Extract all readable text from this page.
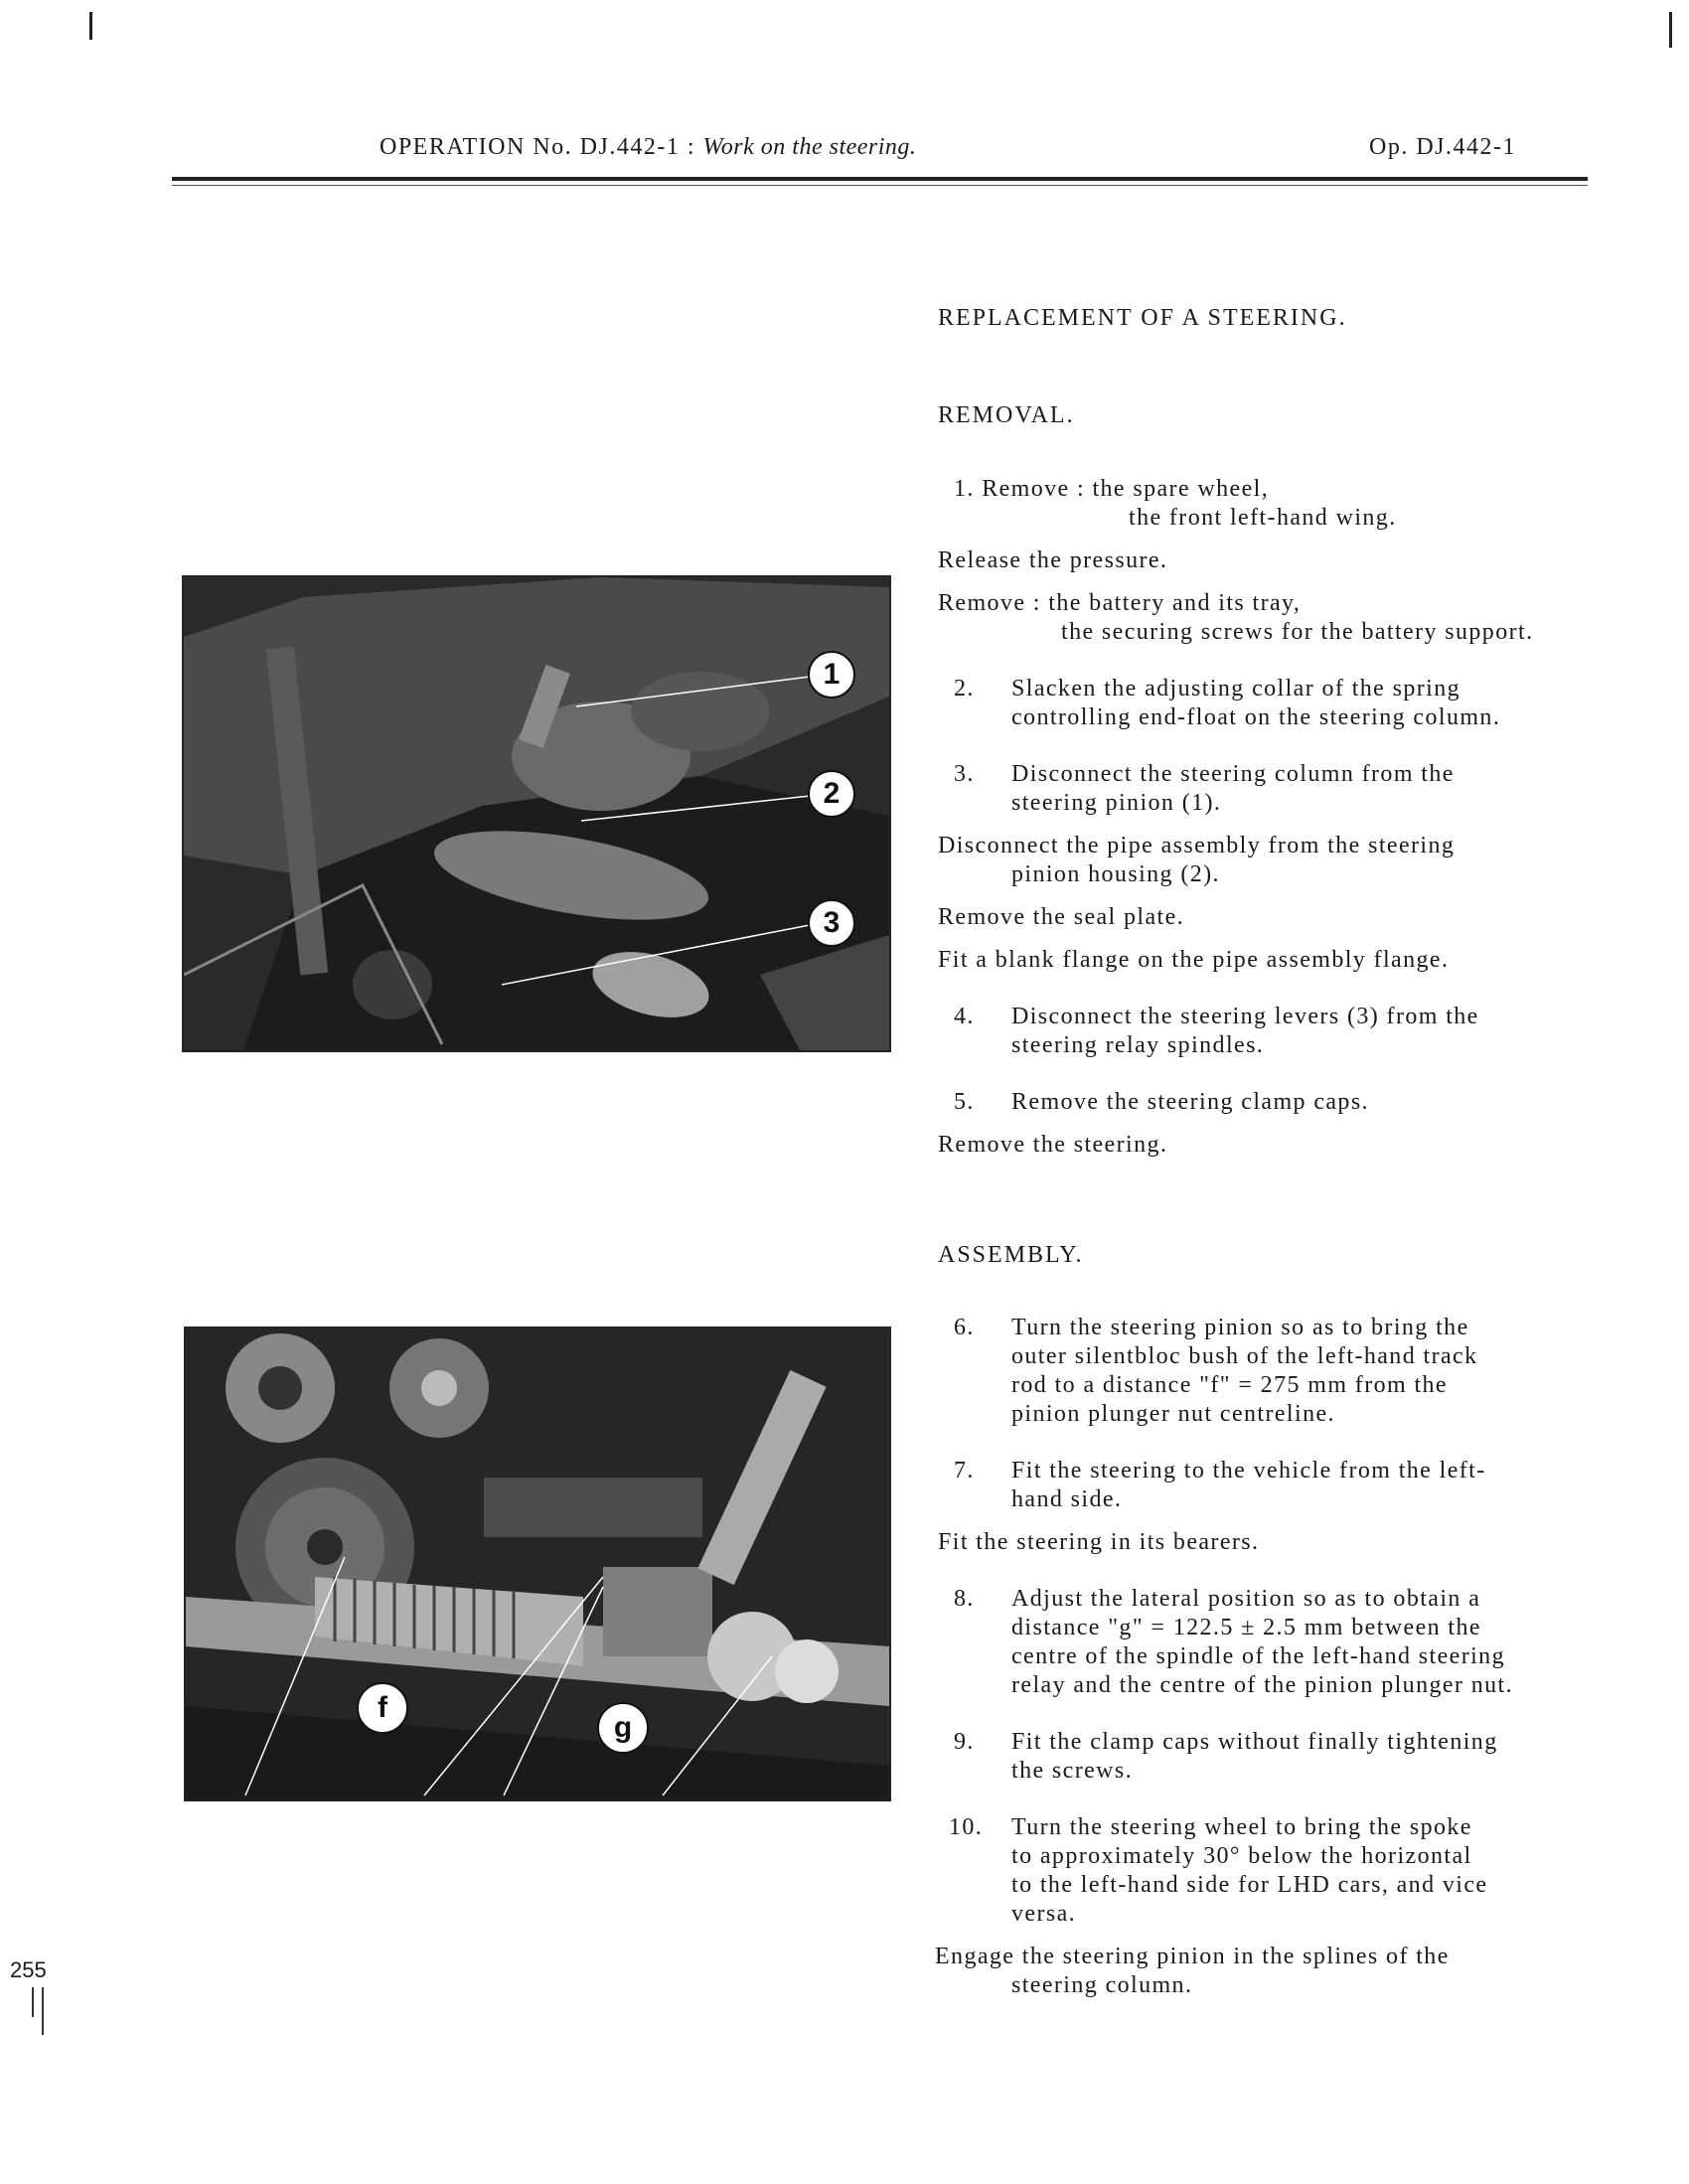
OPERATION No. DJ.442-1 : Work on the steering.	Op. DJ.442-1
REPLACEMENT OF A STEERING.
REMOVAL.
1. Remove : the spare wheel,
the front left-hand wing.
Release the pressure.
Remove : the battery and its tray,
the securing screws for the battery support.
2. Slacken the adjusting collar of the spring
controlling end-float on the steering column.
3. Disconnect the steering column from the
steering pinion (1).
Disconnect the pipe assembly from the steering
pinion housing (2).
Remove the seal plate.
Fit a blank flange on the pipe assembly flange.
4. Disconnect the steering levers (3) from the
steering relay spindles.
5. Remove the steering clamp caps.
Remove the steering.
ASSEMBLY.
6. Turn the steering pinion so as to bring the
outer silentbloc bush of the left-hand track
rod to a distance "f" = 275 mm from the
pinion plunger nut centreline.
7. Fit the steering to the vehicle from the left-
hand side.
Fit the steering in its bearers.
8. Adjust the lateral position so as to obtain a
distance "g" = 122.5 ± 2.5 mm between the
centre of the spindle of the left-hand steering
relay and the centre of the pinion plunger nut.
9. Fit the clamp caps without finally tightening
the screws.
10. Turn the steering wheel to bring the spoke
to approximately 30° below the horizontal
to the left-hand side for LHD cars, and vice
versa.
Engage the steering pinion in the splines of the
steering column.
1
2
3
f
g
255
